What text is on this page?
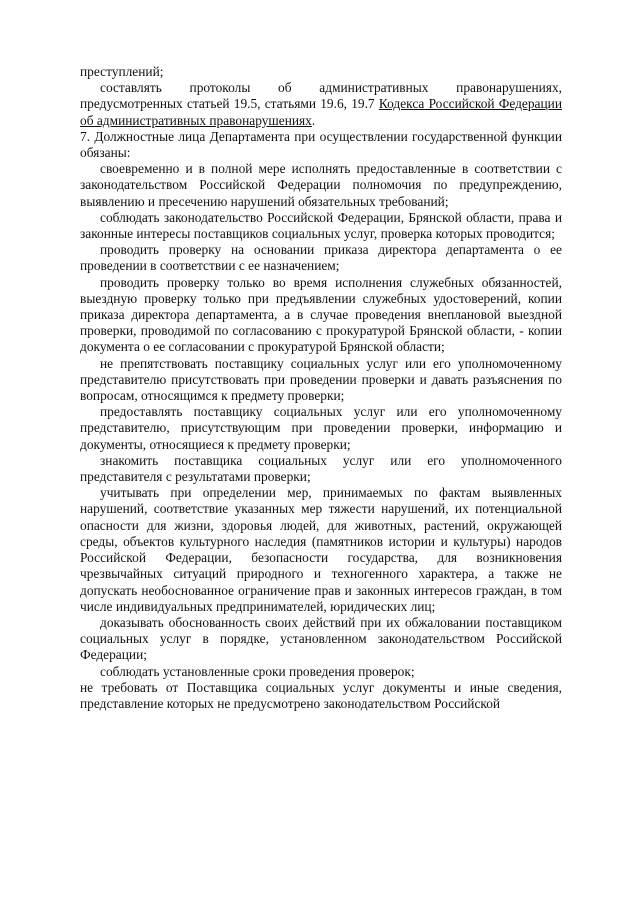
преступлений;

составлять протоколы об административных правонарушениях, предусмотренных статьей 19.5, статьями 19.6, 19.7 Кодекса Российской Федерации об административных правонарушениях.

7. Должностные лица Департамента при осуществлении государственной функции обязаны:

своевременно и в полной мере исполнять предоставленные в соответствии с законодательством Российской Федерации полномочия по предупреждению, выявлению и пресечению нарушений обязательных требований;

соблюдать законодательство Российской Федерации, Брянской области, права и законные интересы поставщиков социальных услуг, проверка которых проводится;

проводить проверку на основании приказа директора департамента о ее проведении в соответствии с ее назначением;

проводить проверку только во время исполнения служебных обязанностей, выездную проверку только при предъявлении служебных удостоверений, копии приказа директора департамента, а в случае проведения внеплановой выездной проверки, проводимой по согласованию с прокуратурой Брянской области, - копии документа о ее согласовании с прокуратурой Брянской области;

не препятствовать поставщику социальных услуг или его уполномоченному представителю присутствовать при проведении проверки и давать разъяснения по вопросам, относящимся к предмету проверки;

предоставлять поставщику социальных услуг или его уполномоченному представителю, присутствующим при проведении проверки, информацию и документы, относящиеся к предмету проверки;

знакомить поставщика социальных услуг или его уполномоченного представителя с результатами проверки;

учитывать при определении мер, принимаемых по фактам выявленных нарушений, соответствие указанных мер тяжести нарушений, их потенциальной опасности для жизни, здоровья людей, для животных, растений, окружающей среды, объектов культурного наследия (памятников истории и культуры) народов Российской Федерации, безопасности государства, для возникновения чрезвычайных ситуаций природного и техногенного характера, а также не допускать необоснованное ограничение прав и законных интересов граждан, в том числе индивидуальных предпринимателей, юридических лиц;

доказывать обоснованность своих действий при их обжаловании поставщиком социальных услуг в порядке, установленном законодательством Российской Федерации;

соблюдать установленные сроки проведения проверок;

не требовать от Поставщика социальных услуг документы и иные сведения, представление которых не предусмотрено законодательством Российской
